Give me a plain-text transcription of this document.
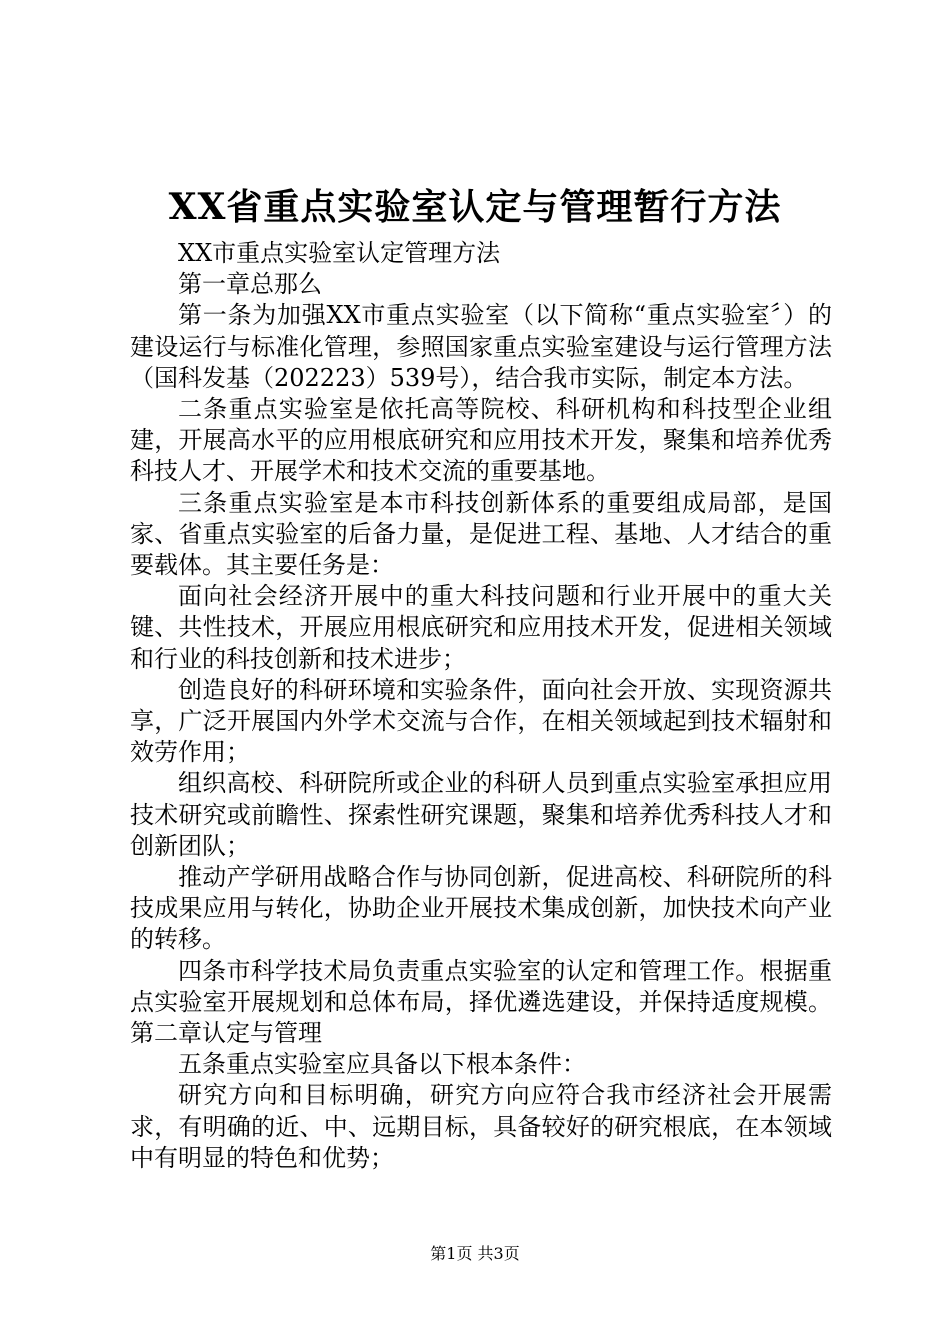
XX省重点实验室认定与管理暂行方法

XX市重点实验室认定管理方法

第一章总那么

第一条为加强XX市重点实验室（以下简称“重点实验室〞）的建设运行与标准化管理，参照国家重点实验室建设与运行管理方法（国科发基（202223）539号），结合我市实际，制定本方法。

二条重点实验室是依托高等院校、科研机构和科技型企业组建，开展高水平的应用根底研究和应用技术开发，聚集和培养优秀科技人才、开展学术和技术交流的重要基地。

三条重点实验室是本市科技创新体系的重要组成局部，是国家、省重点实验室的后备力量，是促进工程、基地、人才结合的重要载体。其主要任务是：

面向社会经济开展中的重大科技问题和行业开展中的重大关键、共性技术，开展应用根底研究和应用技术开发，促进相关领域和行业的科技创新和技术进步；

创造良好的科研环境和实验条件，面向社会开放、实现资源共享，广泛开展国内外学术交流与合作，在相关领域起到技术辐射和效劳作用；

组织高校、科研院所或企业的科研人员到重点实验室承担应用技术研究或前瞻性、探索性研究课题，聚集和培养优秀科技人才和创新团队；

推动产学研用战略合作与协同创新，促进高校、科研院所的科技成果应用与转化，协助企业开展技术集成创新，加快技术向产业的转移。

四条市科学技术局负责重点实验室的认定和管理工作。根据重点实验室开展规划和总体布局，择优遴选建设，并保持适度规模。第二章认定与管理

五条重点实验室应具备以下根本条件：

研究方向和目标明确，研究方向应符合我市经济社会开展需求，有明确的近、中、远期目标，具备较好的研究根底，在本领域中有明显的特色和优势；

第1页 共3页
